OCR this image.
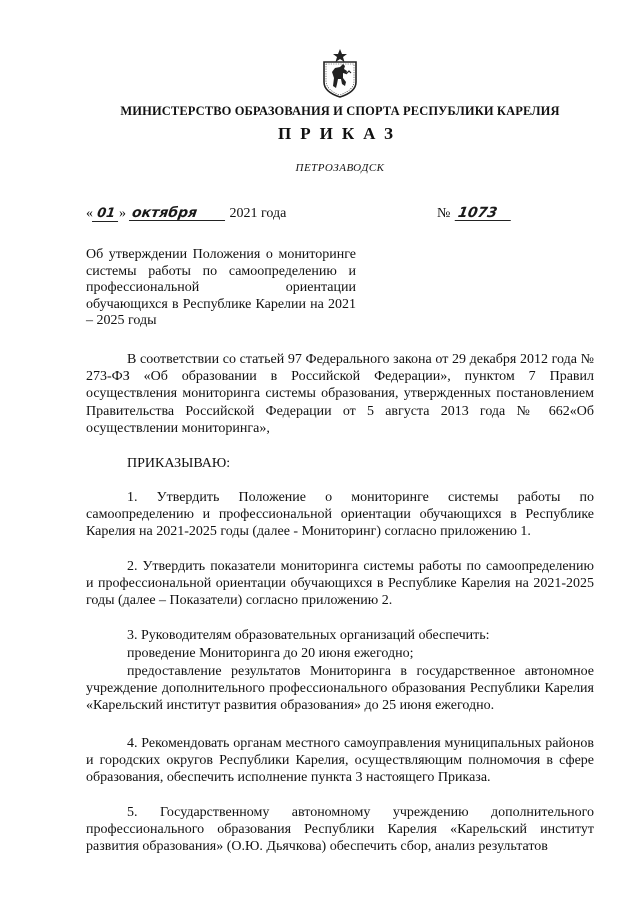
МИНИСТЕРСТВО ОБРАЗОВАНИЯ И СПОРТА РЕСПУБЛИКИ КАРЕЛИЯ
ПРИКАЗ
ПЕТРОЗАВОДСК
« 01 » октября 2021 года	№ 1073
Об утверждении Положения о мониторинге системы работы по самоопределению и профессиональной ориентации обучающихся в Республике Карелии на 2021 – 2025 годы

В соответствии со статьей 97 Федерального закона от 29 декабря 2012 года № 273-ФЗ «Об образовании в Российской Федерации», пунктом 7 Правил осуществления мониторинга системы образования, утвержденных постановлением Правительства Российской Федерации от 5 августа 2013 года № 662«Об осуществлении мониторинга»,

ПРИКАЗЫВАЮ:

1. Утвердить Положение о мониторинге системы работы по самоопределению и профессиональной ориентации обучающихся в Республике Карелия на 2021-2025 годы (далее - Мониторинг) согласно приложению 1.

2. Утвердить показатели мониторинга системы работы по самоопределению и профессиональной ориентации обучающихся в Республике Карелия на 2021-2025 годы (далее – Показатели) согласно приложению 2.

3. Руководителям образовательных организаций обеспечить:

проведение Мониторинга до 20 июня ежегодно;

предоставление результатов Мониторинга в государственное автономное учреждение дополнительного профессионального образования Республики Карелия «Карельский институт развития образования» до 25 июня ежегодно.

4. Рекомендовать органам местного самоуправления муниципальных районов и городских округов Республики Карелия, осуществляющим полномочия в сфере образования, обеспечить исполнение пункта 3 настоящего Приказа.

5. Государственному автономному учреждению дополнительного профессионального образования Республики Карелия «Карельский институт развития образования» (О.Ю. Дьячкова) обеспечить сбор, анализ результатов
